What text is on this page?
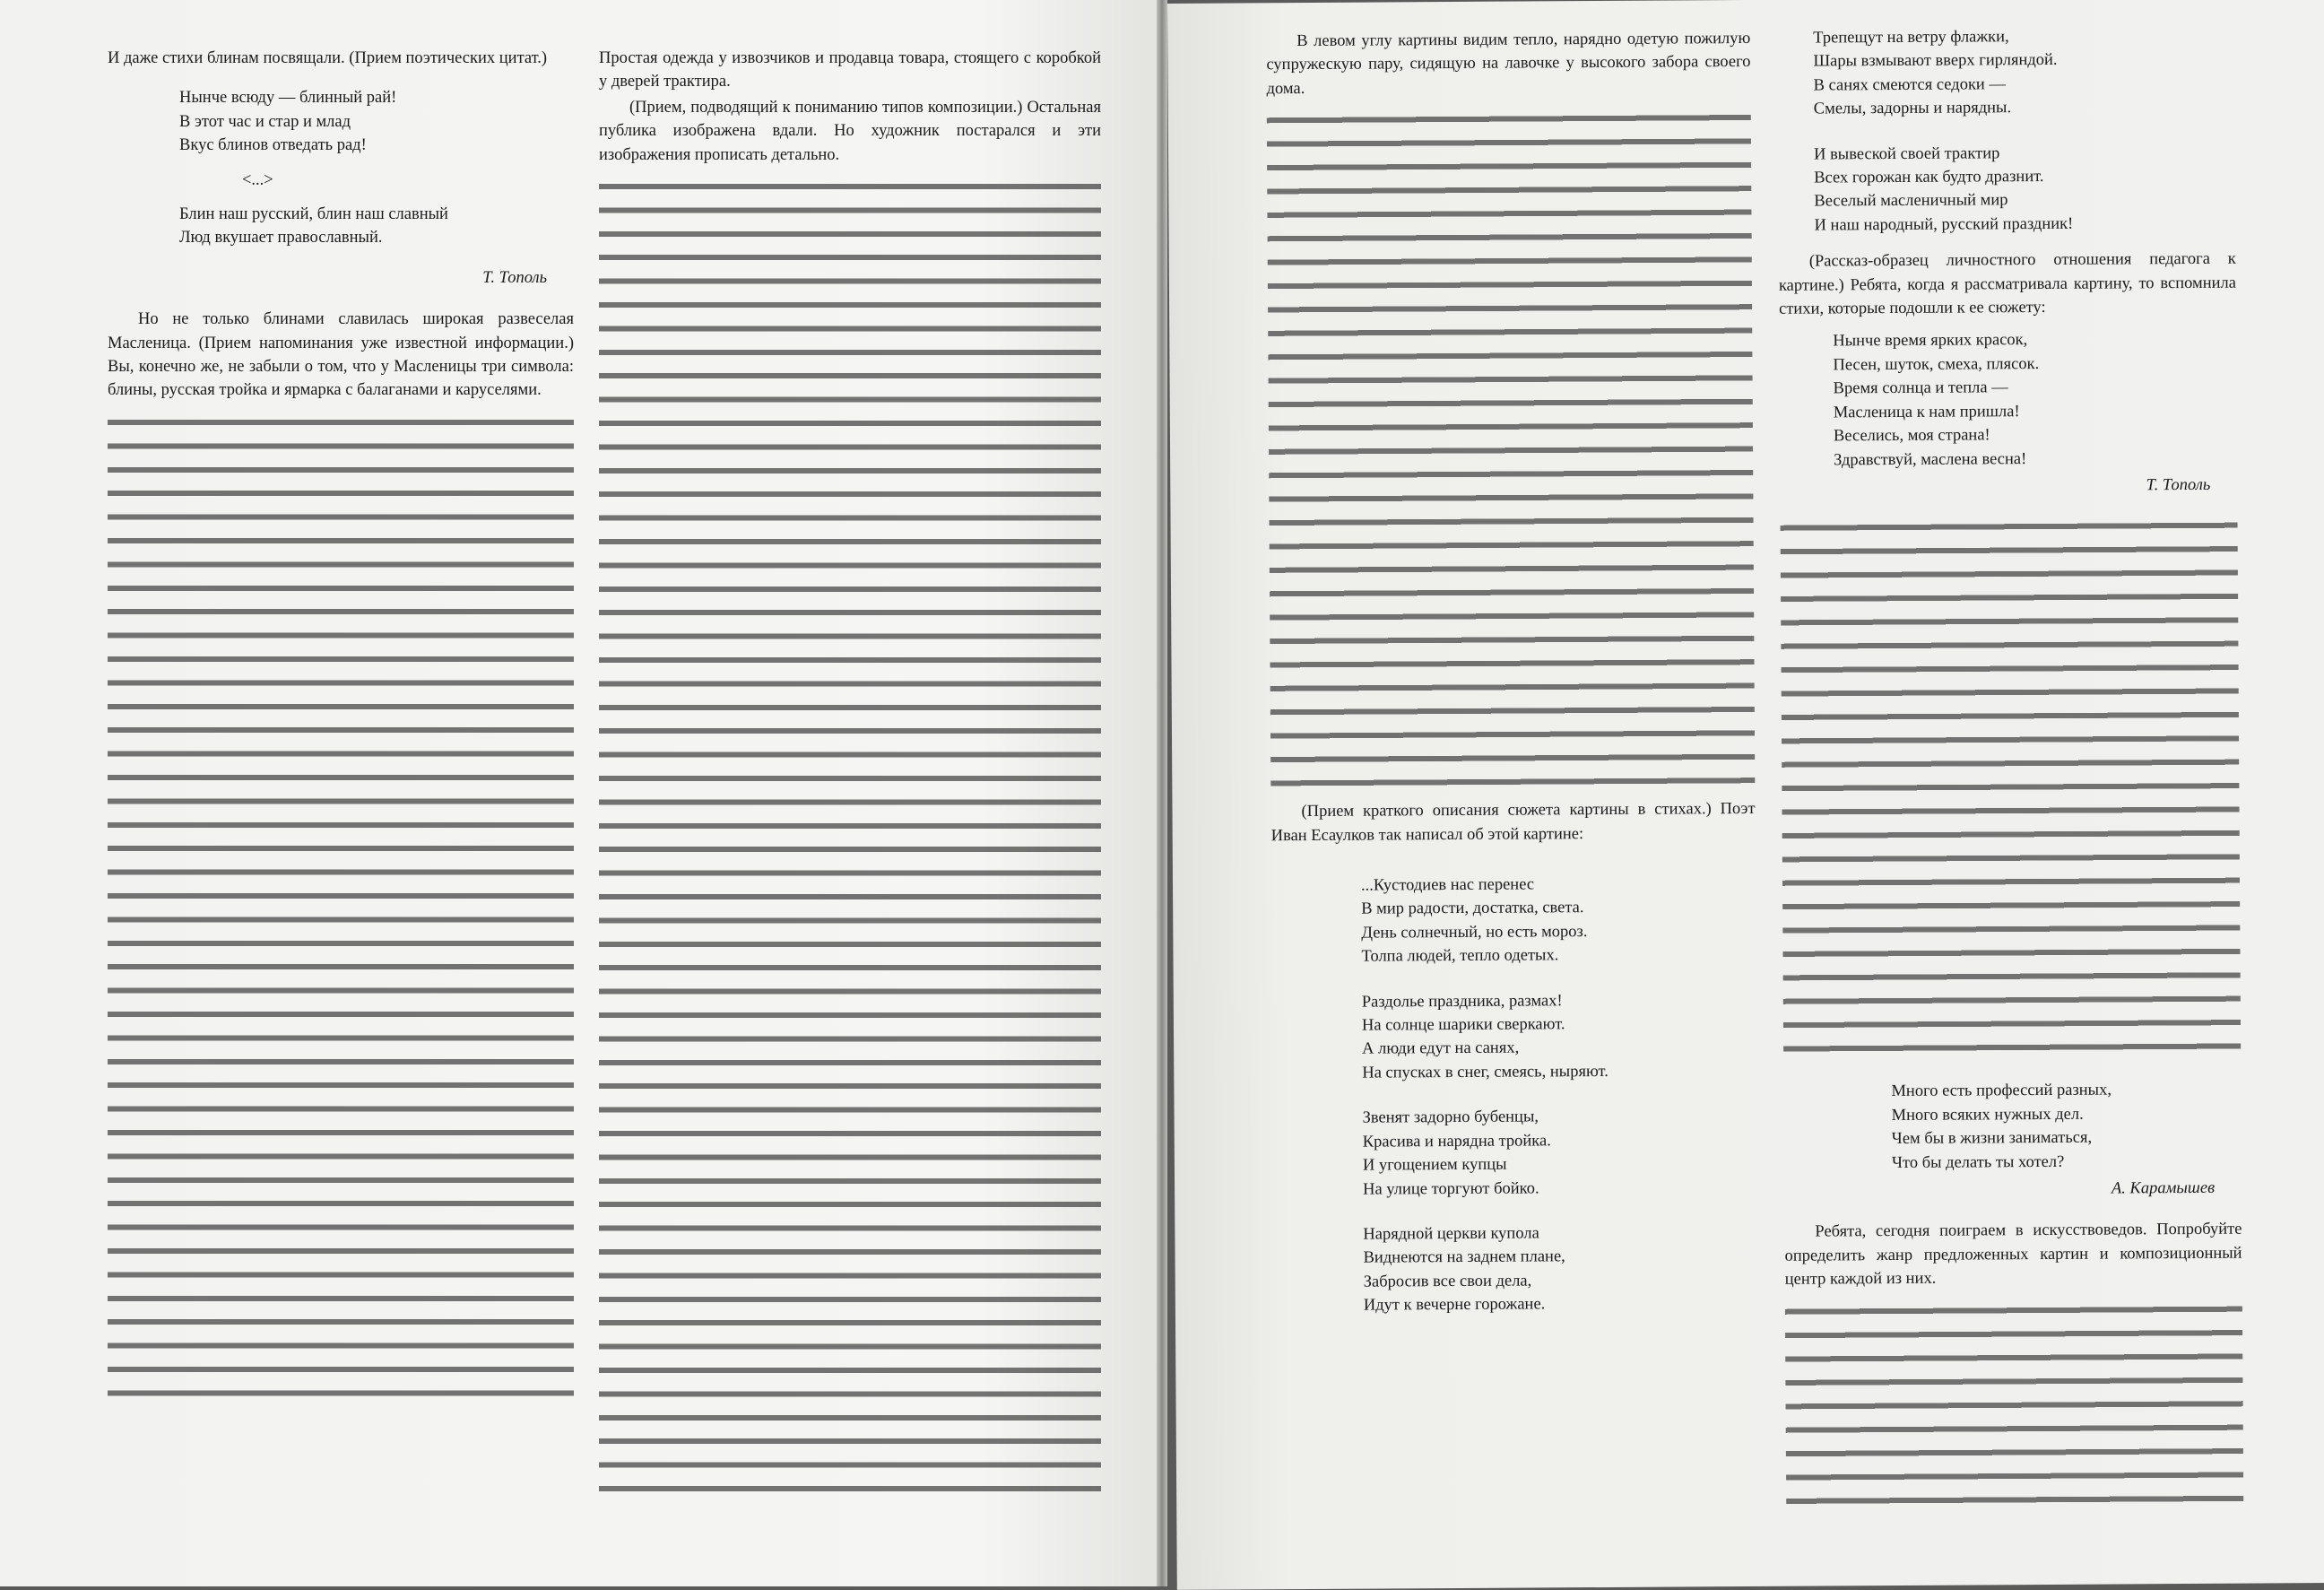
И даже стихи блинам посвящали. (Прием поэтических цитат.)

Нынче всюду — блинный рай!
В этот час и стар и млад
Вкус блинов отведать рад!
<...>
Блин наш русский, блин наш славный
Люд вкушает православный.
Т. Тополь

Но не только блинами славилась широкая развеселая Масленица. (Прием напоминания уже известной информации.) Вы, конечно же, не забыли о том, что у Масленицы три символа: блины, русская тройка и ярмарка с балаганами и каруселями.

Простая одежда у извозчиков и продавца товара, стоящего с коробкой у дверей трактира.

(Прием, подводящий к пониманию типов композиции.) Остальная публика изображена вдали. Но художник постарался и эти изображения прописать детально.

В левом углу картины видим тепло, нарядно одетую пожилую супружескую пару, сидящую на лавочке у высокого забора своего дома.

(Прием краткого описания сюжета картины в стихах.) Поэт Иван Есаулков так написал об этой картине:

...Кустодиев нас перенес
В мир радости, достатка, света.
День солнечный, но есть мороз.
Толпа людей, тепло одетых.
Раздолье праздника, размах!
На солнце шарики сверкают.
А люди едут на санях,
На спусках в снег, смеясь, ныряют.
Звенят задорно бубенцы,
Красива и нарядна тройка.
И угощением купцы
На улице торгуют бойко.
Нарядной церкви купола
Виднеются на заднем плане,
Забросив все свои дела,
Идут к вечерне горожане.
Трепещут на ветру флажки,
Шары взмывают вверх гирляндой.
В санях смеются седоки —
Смелы, задорны и нарядны.
И вывеской своей трактир
Всех горожан как будто дразнит.
Веселый масленичный мир
И наш народный, русский праздник!

(Рассказ-образец личностного отношения педагога к картине.) Ребята, когда я рассматривала картину, то вспомнила стихи, которые подошли к ее сюжету:

Нынче время ярких красок,
Песен, шуток, смеха, плясок.
Время солнца и тепла —
Масленица к нам пришла!
Веселись, моя страна!
Здравствуй, маслена весна!
Т. Тополь
Много есть профессий разных,
Много всяких нужных дел.
Чем бы в жизни заниматься,
Что бы делать ты хотел?
А. Карамышев

Ребята, сегодня поиграем в искусствоведов. Попробуйте определить жанр предложенных картин и композиционный центр каждой из них.
